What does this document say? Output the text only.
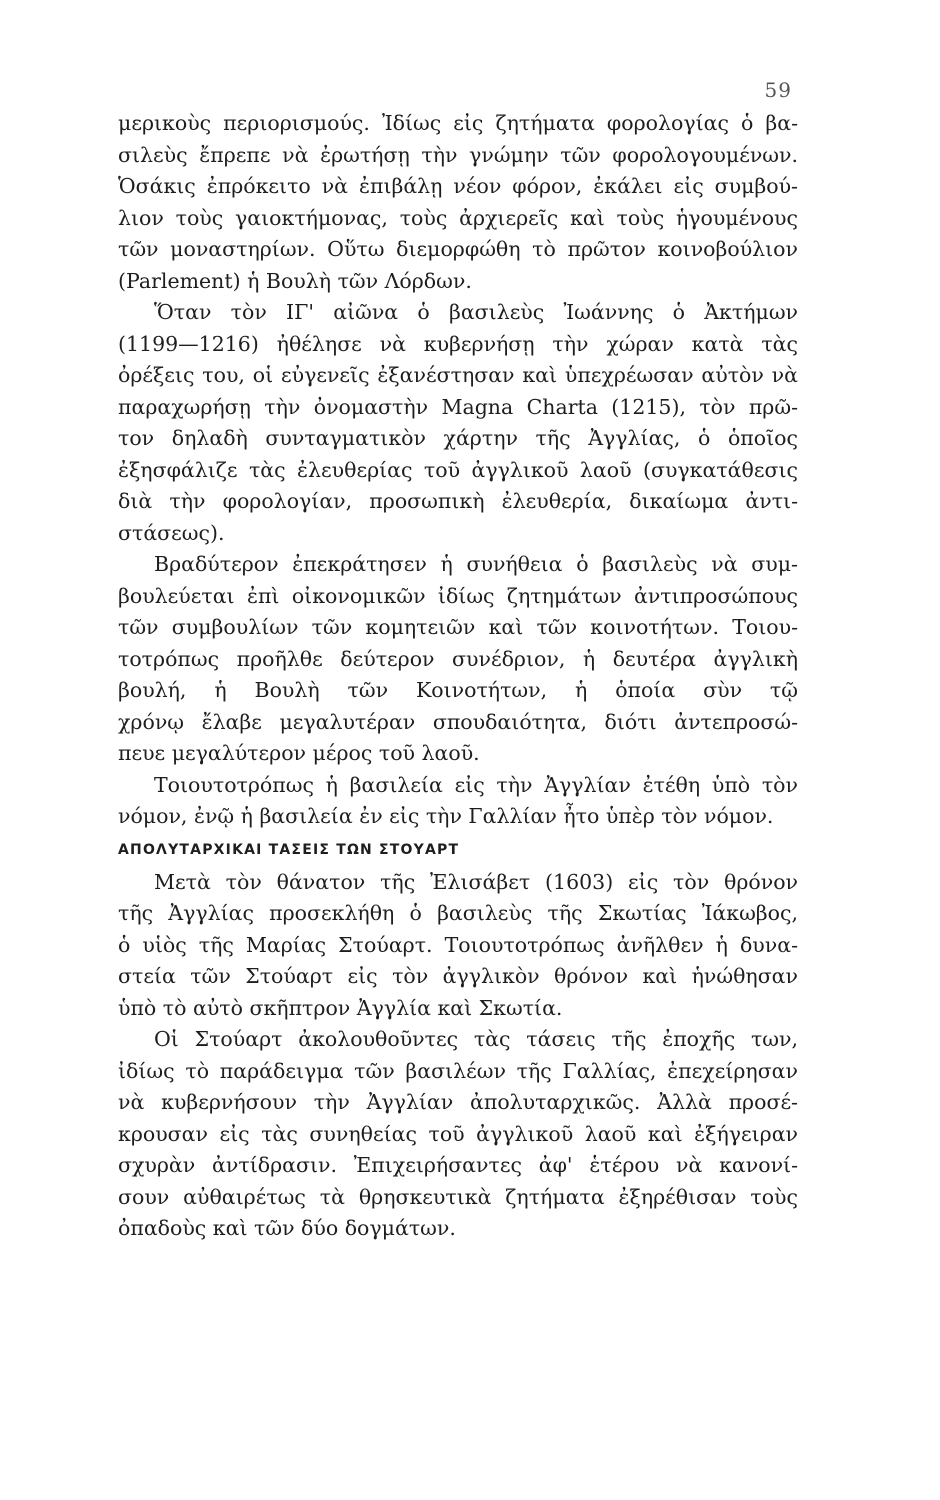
59
μερικοὺς περιορισμούς. Ἰδίως εἰς ζητήματα φορολογίας ὁ βα-
σιλεὺς ἔπρεπε νὰ ἐρωτήσῃ τὴν γνώμην τῶν φορολογουμένων.
Ὁσάκις ἐπρόκειτο νὰ ἐπιβάλῃ νέον φόρον, ἐκάλει εἰς συμβού-
λιον τοὺς γαιοκτήμονας, τοὺς ἀρχιερεῖς καὶ τοὺς ἡγουμένους
τῶν μοναστηρίων. Οὕτω διεμορφώθη τὸ πρῶτον κοινοβούλιον
(Parlement) ἡ Βουλὴ τῶν Λόρδων.
Ὅταν τὸν ΙΓ' αἰῶνα ὁ βασιλεὺς Ἰωάννης ὁ Ἀκτήμων
(1199—1216) ἠθέλησε νὰ κυβερνήσῃ τὴν χώραν κατὰ τὰς
ὀρέξεις του, οἱ εὐγενεῖς ἐξανέστησαν καὶ ὑπεχρέωσαν αὐτὸν νὰ
παραχωρήσῃ τὴν ὀνομαστὴν Magna Charta (1215), τὸν πρῶ-
τον δηλαδὴ συνταγματικὸν χάρτην τῆς Ἀγγλίας, ὁ ὁποῖος
ἐξησφάλιζε τὰς ἐλευθερίας τοῦ ἀγγλικοῦ λαοῦ (συγκατάθεσις
διὰ τὴν φορολογίαν, προσωπικὴ ἐλευθερία, δικαίωμα ἀντι-
στάσεως).
Βραδύτερον ἐπεκράτησεν ἡ συνήθεια ὁ βασιλεὺς νὰ συμ-
βουλεύεται ἐπὶ οἰκονομικῶν ἰδίως ζητημάτων ἀντιπροσώπους
τῶν συμβουλίων τῶν κομητειῶν καὶ τῶν κοινοτήτων. Τοιου-
τοτρόπως προῆλθε δεύτερον συνέδριον, ἡ δευτέρα ἀγγλικὴ
βουλή, ἡ Βουλὴ τῶν Κοινοτήτων, ἡ ὁποία σὺν τῷ
χρόνῳ ἔλαβε μεγαλυτέραν σπουδαιότητα, διότι ἀντεπροσώ-
πευε μεγαλύτερον μέρος τοῦ λαοῦ.
Τοιουτοτρόπως ἡ βασιλεία εἰς τὴν Ἀγγλίαν ἐτέθη ὑπὸ τὸν
νόμον, ἐνῷ ἡ βασιλεία ἐν εἰς τὴν Γαλλίαν ἦτο ὑπὲρ τὸν νόμον.
ΑΠΟΛΥΤΑΡΧΙΚΑΙ ΤΑΣΕΙΣ ΤΩΝ ΣΤΟΥΑΡΤ
Μετὰ τὸν θάνατον τῆς Ἐλισάβετ (1603) εἰς τὸν θρόνον
τῆς Ἀγγλίας προσεκλήθη ὁ βασιλεὺς τῆς Σκωτίας Ἰάκωβος,
ὁ υἱὸς τῆς Μαρίας Στούαρτ. Τοιουτοτρόπως ἀνῆλθεν ἡ δυνα-
στεία τῶν Στούαρτ εἰς τὸν ἀγγλικὸν θρόνον καὶ ἡνώθησαν
ὑπὸ τὸ αὐτὸ σκῆπτρον Ἀγγλία καὶ Σκωτία.
Οἱ Στούαρτ ἀκολουθοῦντες τὰς τάσεις τῆς ἐποχῆς των,
ἰδίως τὸ παράδειγμα τῶν βασιλέων τῆς Γαλλίας, ἐπεχείρησαν
νὰ κυβερνήσουν τὴν Ἀγγλίαν ἀπολυταρχικῶς. Ἀλλὰ προσέ-
κρουσαν εἰς τὰς συνηθείας τοῦ ἀγγλικοῦ λαοῦ καὶ ἐξήγειραν
σχυρὰν ἀντίδρασιν. Ἐπιχειρήσαντες ἀφ' ἑτέρου νὰ κανονί-
σουν αὐθαιρέτως τὰ θρησκευτικὰ ζητήματα ἐξηρέθισαν τοὺς
ὀπαδοὺς καὶ τῶν δύο δογμάτων.
